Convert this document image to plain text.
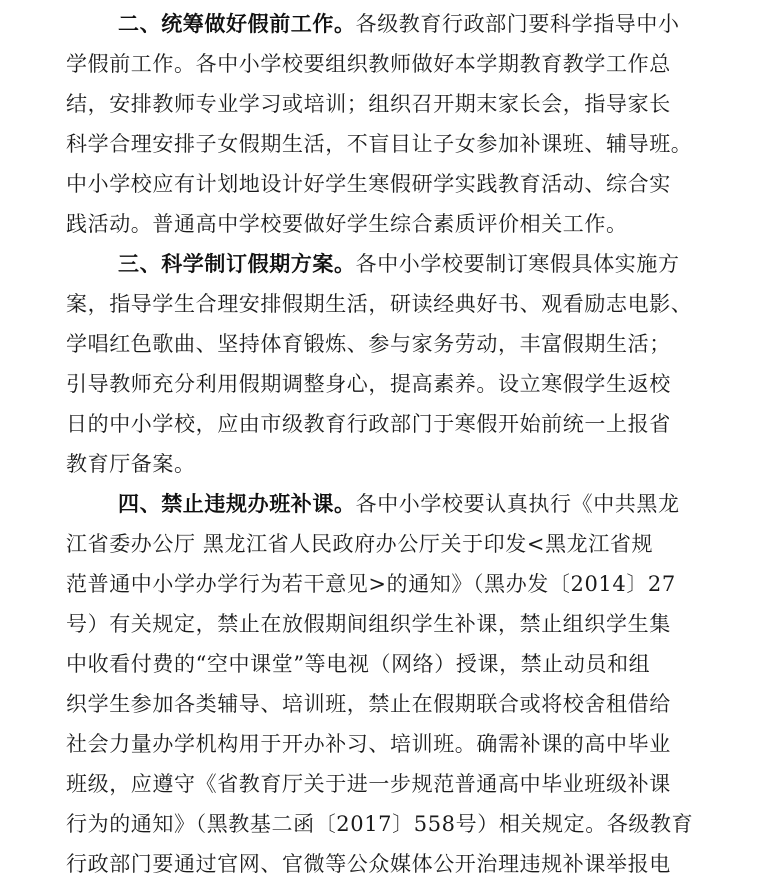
二、统筹做好假前工作。各级教育行政部门要科学指导中小
学假前工作。各中小学校要组织教师做好本学期教育教学工作总
结，安排教师专业学习或培训；组织召开期末家长会，指导家长
科学合理安排子女假期生活，不盲目让子女参加补课班、辅导班。
中小学校应有计划地设计好学生寒假研学实践教育活动、综合实
践活动。普通高中学校要做好学生综合素质评价相关工作。
三、科学制订假期方案。各中小学校要制订寒假具体实施方
案，指导学生合理安排假期生活，研读经典好书、观看励志电影、
学唱红色歌曲、坚持体育锻炼、参与家务劳动，丰富假期生活；
引导教师充分利用假期调整身心，提高素养。设立寒假学生返校
日的中小学校，应由市级教育行政部门于寒假开始前统一上报省
教育厅备案。
四、禁止违规办班补课。各中小学校要认真执行《中共黑龙
江省委办公厅 黑龙江省人民政府办公厅关于印发<黑龙江省规
范普通中小学办学行为若干意见>的通知》（黑办发〔2014〕27
号）有关规定，禁止在放假期间组织学生补课，禁止组织学生集
中收看付费的“空中课堂”等电视（网络）授课，禁止动员和组
织学生参加各类辅导、培训班，禁止在假期联合或将校舍租借给
社会力量办学机构用于开办补习、培训班。确需补课的高中毕业
班级，应遵守《省教育厅关于进一步规范普通高中毕业班级补课
行为的通知》（黑教基二函〔2017〕558号）相关规定。各级教育
行政部门要通过官网、官微等公众媒体公开治理违规补课举报电
